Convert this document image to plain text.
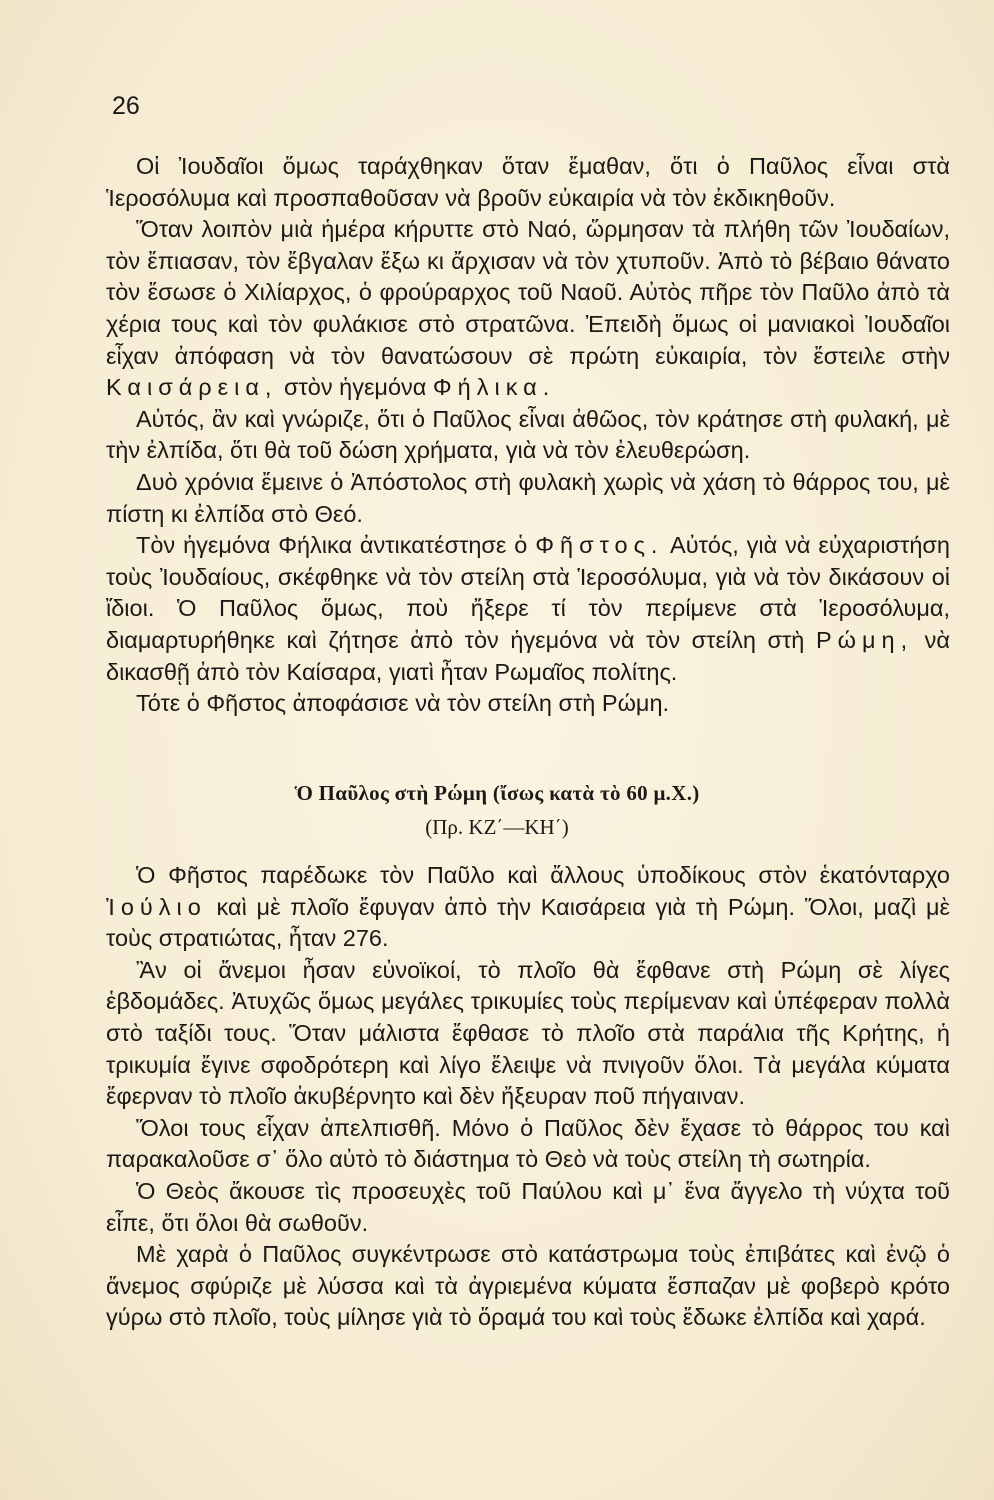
26

Οἱ Ἰουδαῖοι ὅμως ταράχθηκαν ὅταν ἔμαθαν, ὅτι ὁ Παῦλος εἶναι στὰ Ἱεροσόλυμα καὶ προσπαθοῦσαν νὰ βροῦν εὐκαιρία νὰ τὸν ἐκδικηθοῦν.

Ὅταν λοιπὸν μιὰ ἡμέρα κήρυττε στὸ Ναό, ὥρμησαν τὰ πλήθη τῶν Ἰουδαίων, τὸν ἔπιασαν, τὸν ἔβγαλαν ἔξω κι ἄρχισαν νὰ τὸν χτυποῦν. Ἀπὸ τὸ βέβαιο θάνατο τὸν ἔσωσε ὁ Χιλίαρχος, ὁ φρούραρχος τοῦ Ναοῦ. Αὐτὸς πῆρε τὸν Παῦλο ἀπὸ τὰ χέρια τους καὶ τὸν φυλάκισε στὸ στρατῶνα. Ἐπειδὴ ὅμως οἱ μανιακοὶ Ἰουδαῖοι εἶχαν ἀπόφαση νὰ τὸν θανατώσουν σὲ πρώτη εὐκαιρία, τὸν ἔστειλε στὴν Καισάρεια, στὸν ἡγεμόνα Φήλικα.

Αὐτός, ἂν καὶ γνώριζε, ὅτι ὁ Παῦλος εἶναι ἀθῶος, τὸν κράτησε στὴ φυλακή, μὲ τὴν ἐλπίδα, ὅτι θὰ τοῦ δώση χρήματα, γιὰ νὰ τὸν ἐλευθερώση.

Δυὸ χρόνια ἔμεινε ὁ Ἀπόστολος στὴ φυλακὴ χωρὶς νὰ χάση τὸ θάρρος του, μὲ πίστη κι ἐλπίδα στὸ Θεό.

Τὸν ἡγεμόνα Φήλικα ἀντικατέστησε ὁ Φῆστος. Αὐτός, γιὰ νὰ εὐχαριστήση τοὺς Ἰουδαίους, σκέφθηκε νὰ τὸν στείλη στὰ Ἱεροσόλυμα, γιὰ νὰ τὸν δικάσουν οἱ ἴδιοι. Ὁ Παῦλος ὅμως, ποὺ ἤξερε τί τὸν περίμενε στὰ Ἱεροσόλυμα, διαμαρτυρήθηκε καὶ ζήτησε ἀπὸ τὸν ἡγεμόνα νὰ τὸν στείλη στὴ Ρώμη, νὰ δικασθῇ ἀπὸ τὸν Καίσαρα, γιατὶ ἦταν Ρωμαῖος πολίτης.

Τότε ὁ Φῆστος ἀποφάσισε νὰ τὸν στείλη στὴ Ρώμη.

Ὁ Παῦλος στὴ Ρώμη (ἴσως κατὰ τὸ 60 μ.Χ.)
(Πρ. ΚΖ΄—ΚΗ΄)

Ὁ Φῆστος παρέδωκε τὸν Παῦλο καὶ ἄλλους ὑποδίκους στὸν ἑκατόνταρχο Ἰούλιο καὶ μὲ πλοῖο ἔφυγαν ἀπὸ τὴν Καισάρεια γιὰ τὴ Ρώμη. Ὅλοι, μαζὶ μὲ τοὺς στρατιώτας, ἦταν 276.

Ἂν οἱ ἄνεμοι ἦσαν εὐνοϊκοί, τὸ πλοῖο θὰ ἔφθανε στὴ Ρώμη σὲ λίγες ἑβδομάδες. Ἀτυχῶς ὅμως μεγάλες τρικυμίες τοὺς περίμεναν καὶ ὑπέφεραν πολλὰ στὸ ταξίδι τους. Ὅταν μάλιστα ἔφθασε τὸ πλοῖο στὰ παράλια τῆς Κρήτης, ἡ τρικυμία ἔγινε σφοδρότερη καὶ λίγο ἔλειψε νὰ πνιγοῦν ὅλοι. Τὰ μεγάλα κύματα ἔφερναν τὸ πλοῖο ἀκυβέρνητο καὶ δὲν ἤξευραν ποῦ πήγαιναν.

Ὅλοι τους εἶχαν ἀπελπισθῆ. Μόνο ὁ Παῦλος δὲν ἔχασε τὸ θάρρος του καὶ παρακαλοῦσε σ᾿ ὅλο αὐτὸ τὸ διάστημα τὸ Θεὸ νὰ τοὺς στείλη τὴ σωτηρία.

Ὁ Θεὸς ἄκουσε τὶς προσευχὲς τοῦ Παύλου καὶ μ᾿ ἕνα ἄγγελο τὴ νύχτα τοῦ εἶπε, ὅτι ὅλοι θὰ σωθοῦν.

Μὲ χαρὰ ὁ Παῦλος συγκέντρωσε στὸ κατάστρωμα τοὺς ἐπιβάτες καὶ ἐνῷ ὁ ἄνεμος σφύριζε μὲ λύσσα καὶ τὰ ἀγριεμένα κύματα ἔσπαζαν μὲ φοβερὸ κρότο γύρω στὸ πλοῖο, τοὺς μίλησε γιὰ τὸ ὅραμά του καὶ τοὺς ἔδωκε ἐλπίδα καὶ χαρά.
